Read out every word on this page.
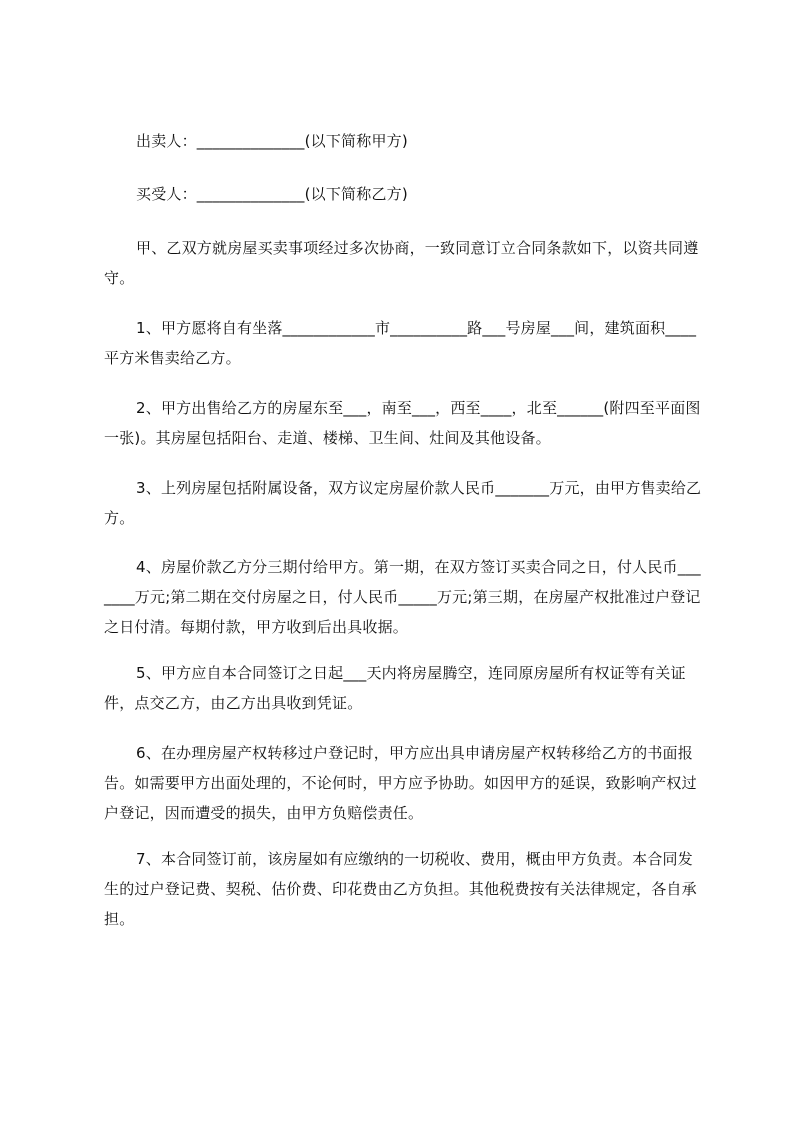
出卖人：______________(以下简称甲方)
买受人：______________(以下简称乙方)
甲、乙双方就房屋买卖事项经过多次协商，一致同意订立合同条款如下，以资共同遵守。
1、甲方愿将自有坐落____________市__________路___号房屋___间，建筑面积____平方米售卖给乙方。
2、甲方出售给乙方的房屋东至___，南至___，西至____，北至______(附四至平面图一张)。其房屋包括阳台、走道、楼梯、卫生间、灶间及其他设备。
3、上列房屋包括附属设备，双方议定房屋价款人民币_______万元，由甲方售卖给乙方。
4、房屋价款乙方分三期付给甲方。第一期，在双方签订买卖合同之日，付人民币_______万元;第二期在交付房屋之日，付人民币_____万元;第三期，在房屋产权批准过户登记之日付清。每期付款，甲方收到后出具收据。
5、甲方应自本合同签订之日起___天内将房屋腾空，连同原房屋所有权证等有关证件，点交乙方，由乙方出具收到凭证。
6、在办理房屋产权转移过户登记时，甲方应出具申请房屋产权转移给乙方的书面报告。如需要甲方出面处理的，不论何时，甲方应予协助。如因甲方的延误，致影响产权过户登记，因而遭受的损失，由甲方负赔偿责任。
7、本合同签订前，该房屋如有应缴纳的一切税收、费用，概由甲方负责。本合同发生的过户登记费、契税、估价费、印花费由乙方负担。其他税费按有关法律规定，各自承担。
